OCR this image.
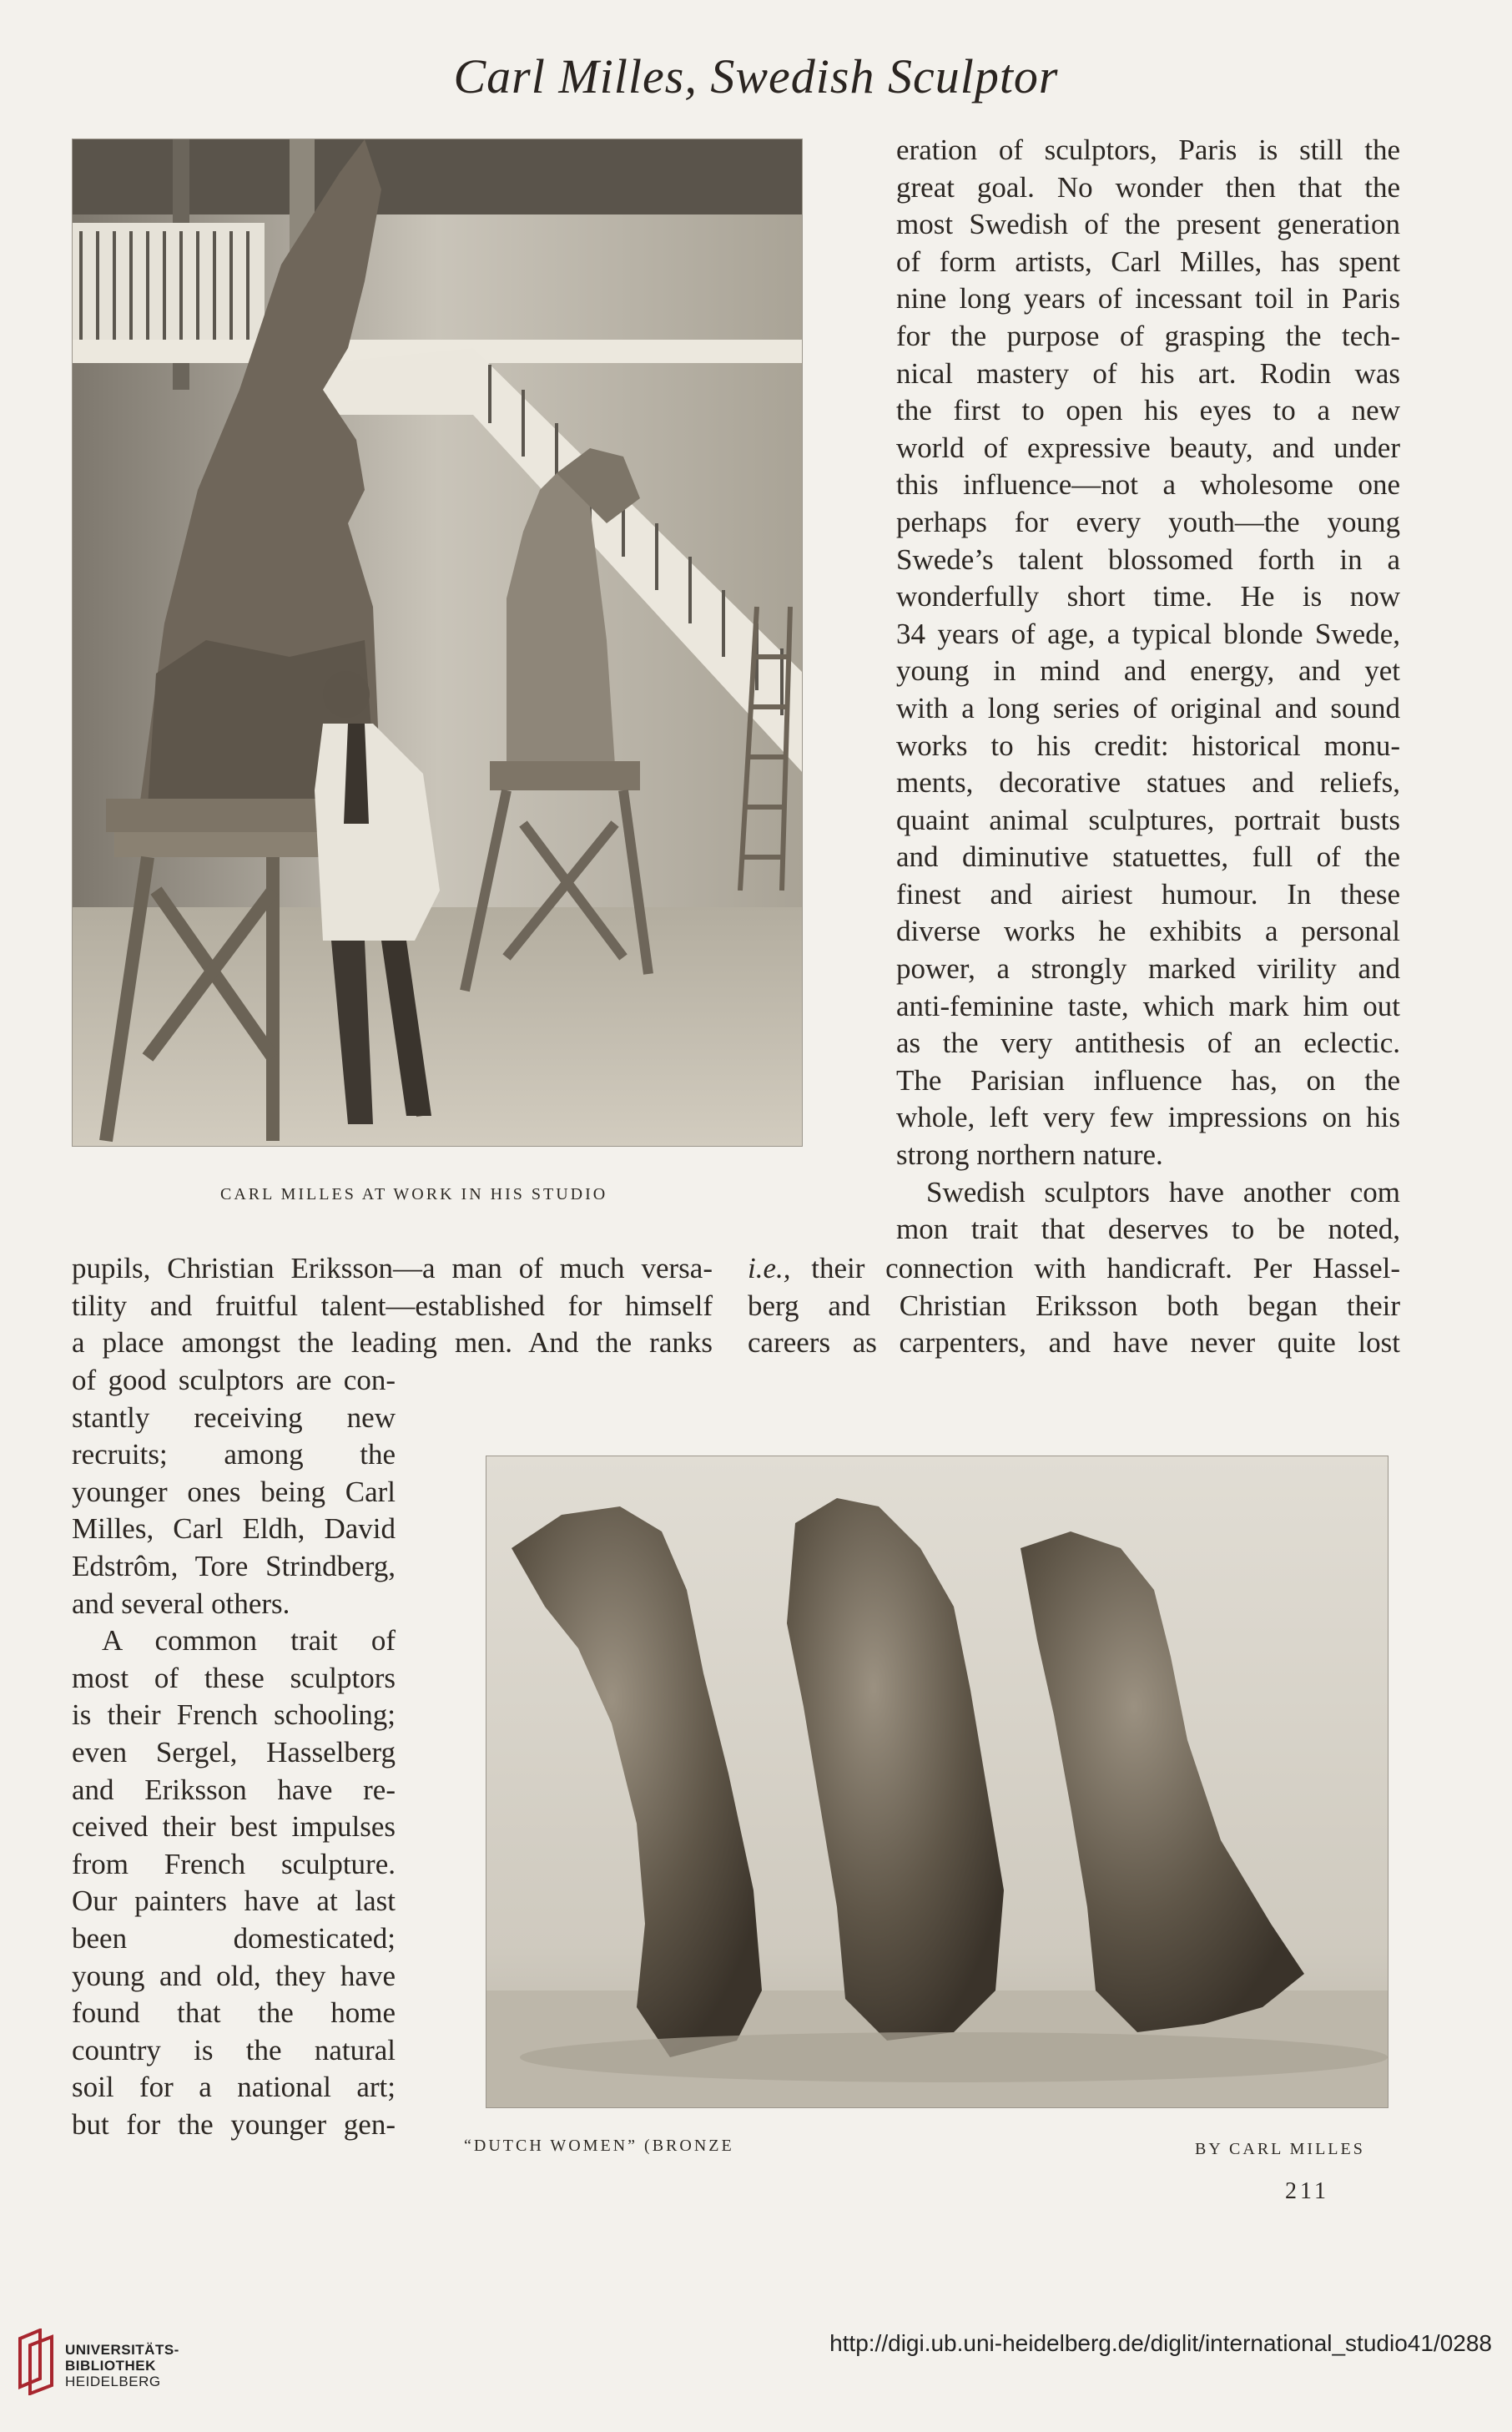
Carl Milles, Swedish Sculptor

eration of sculptors, Paris is still the

great goal. No wonder then that the

most Swedish of the present generation

of form artists, Carl Milles, has spent

nine long years of incessant toil in Paris

for the purpose of grasping the tech-

nical mastery of his art. Rodin was

the first to open his eyes to a new

world of expressive beauty, and under

this influence—not a wholesome one

perhaps for every youth—the young

Swede’s talent blossomed forth in a

wonderfully short time. He is now

34 years of age, a typical blonde Swede,

young in mind and energy, and yet

with a long series of original and sound

works to his credit: historical monu-

ments, decorative statues and reliefs,

quaint animal sculptures, portrait busts

and diminutive statuettes, full of the

finest and airiest humour. In these

diverse works he exhibits a personal

power, a strongly marked virility and

anti-feminine taste, which mark him out

as the very antithesis of an eclectic.

The Parisian influence has, on the

whole, left very few impressions on his

strong northern nature.

Swedish sculptors have another com

mon trait that deserves to be noted,

CARL MILLES AT WORK IN HIS STUDIO

pupils, Christian Eriksson—a man of much versa-

tility and fruitful talent—established for himself

a place amongst the leading men. And the ranks

i.e., their connection with handicraft. Per Hassel-

berg and Christian Eriksson both began their

careers as carpenters, and have never quite lost

of good sculptors are con-

stantly receiving new

recruits; among the

younger ones being Carl

Milles, Carl Eldh, David

Edstrôm, Tore Strindberg,

and several others.

A common trait of

most of these sculptors

is their French schooling;

even Sergel, Hasselberg

and Eriksson have re-

ceived their best impulses

from French sculpture.

Our painters have at last

been domesticated;

young and old, they have

found that the home

country is the natural

soil for a national art;

but for the younger gen-

“DUTCH WOMEN” (BRONZE	BY CARL MILLES
211
UNIVERSITÄTS-
BIBLIOTHEK
HEIDELBERG
http://digi.ub.uni-heidelberg.de/diglit/international_studio41/0288
